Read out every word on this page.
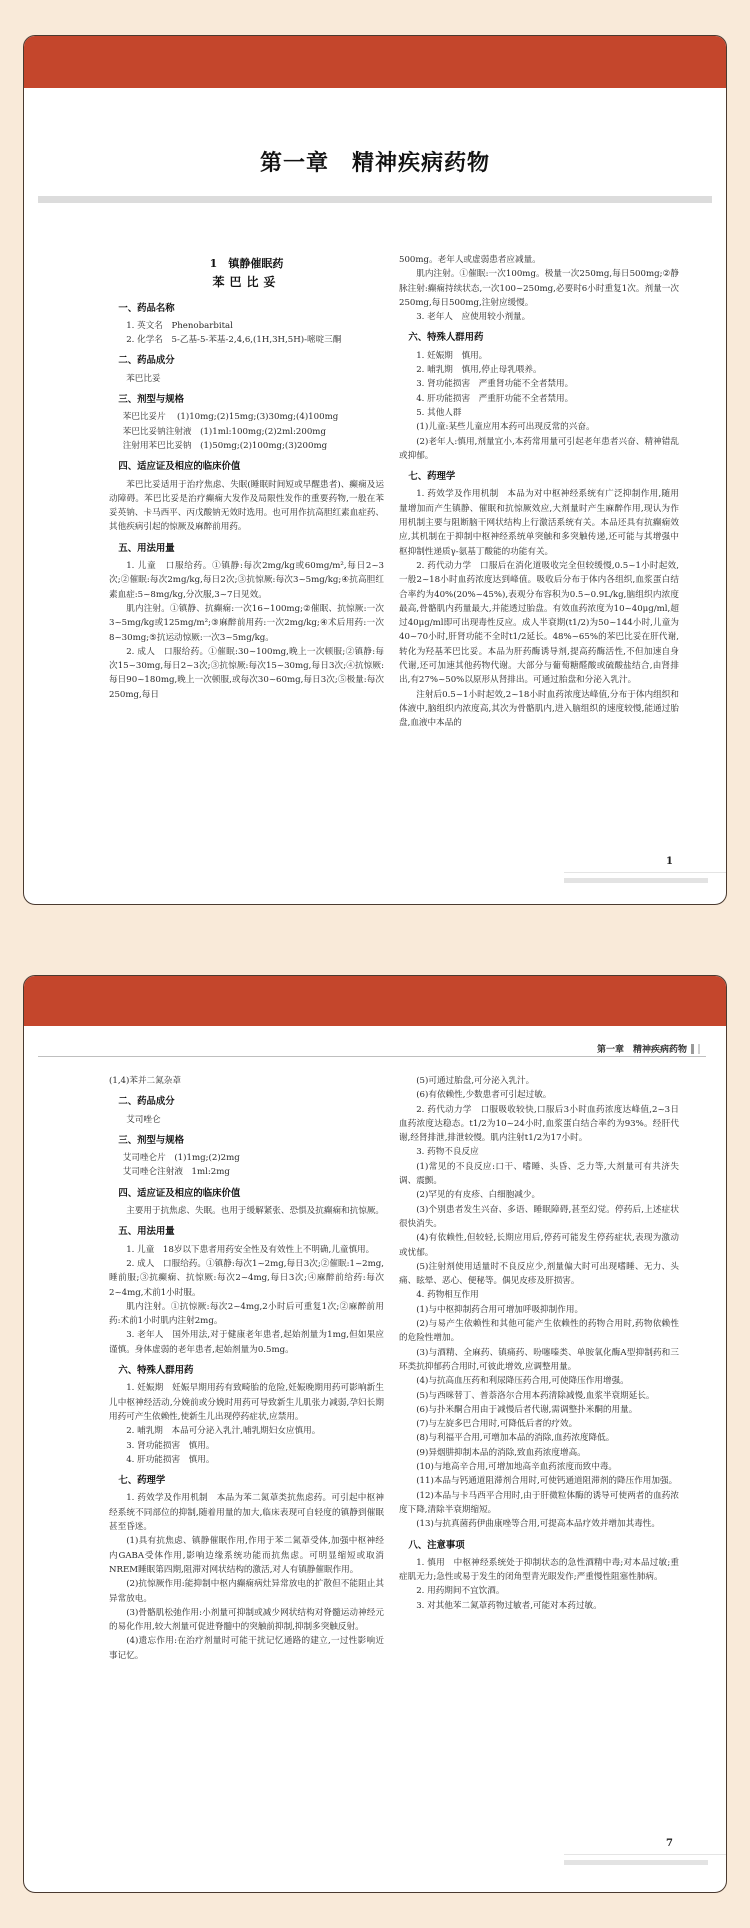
第一章　精神疾病药物
1　镇静催眠药
苯巴比妥
一、药品名称

1. 英文名　Phenobarbital

2. 化学名　5-乙基-5-苯基-2,4,6,(1H,3H,5H)-嘧啶三酮

二、药品成分

苯巴比妥

三、剂型与规格

苯巴比妥片　 (1)10mg;(2)15mg;(3)30mg;(4)100mg

苯巴比妥钠注射液　(1)1ml:100mg;(2)2ml:200mg

注射用苯巴比妥钠　(1)50mg;(2)100mg;(3)200mg

四、适应证及相应的临床价值

苯巴比妥适用于治疗焦虑、失眠(睡眠时间短或早醒患者)、癫痫及运动障碍。苯巴比妥是治疗癫痫大发作及局限性发作的重要药物,一般在苯妥英钠、卡马西平、丙戊酸钠无效时选用。也可用作抗高胆红素血症药、其他疾病引起的惊厥及麻醉前用药。

五、用法用量

1. 儿童　口服给药。①镇静:每次2mg/kg或60mg/m²,每日2~3次;②催眠:每次2mg/kg,每日2次;③抗惊厥:每次3~5mg/kg;④抗高胆红素血症:5~8mg/kg,分次服,3~7日见效。

肌内注射。①镇静、抗癫痫:一次16~100mg;②催眠、抗惊厥:一次3~5mg/kg或125mg/m²;③麻醉前用药:一次2mg/kg;④术后用药:一次8~30mg;⑤抗运动惊厥:一次3~5mg/kg。

2. 成人　口服给药。①催眠:30~100mg,晚上一次顿服;②镇静:每次15~30mg,每日2~3次;③抗惊厥:每次15~30mg,每日3次;④抗惊厥:每日90~180mg,晚上一次顿服,或每次30~60mg,每日3次;⑤极量:每次250mg,每日

500mg。老年人或虚弱患者应减量。

肌内注射。①催眠:一次100mg。极量一次250mg,每日500mg;②静脉注射:癫痫持续状态,一次100~250mg,必要时6小时重复1次。剂量一次250mg,每日500mg,注射应缓慢。

3. 老年人　应使用较小剂量。

六、特殊人群用药

1. 妊娠期　慎用。

2. 哺乳期　慎用,停止母乳喂养。

3. 肾功能损害　严重肾功能不全者禁用。

4. 肝功能损害　严重肝功能不全者禁用。

5. 其他人群

(1)儿童:某些儿童应用本药可出现反常的兴奋。

(2)老年人:慎用,剂量宜小,本药常用量可引起老年患者兴奋、精神错乱或抑郁。

七、药理学

1. 药效学及作用机制　本品为对中枢神经系统有广泛抑制作用,随用量增加而产生镇静、催眠和抗惊厥效应,大剂量时产生麻醉作用,现认为作用机制主要与阻断脑干网状结构上行激活系统有关。本品还具有抗癫痫效应,其机制在于抑制中枢神经系统单突触和多突触传递,还可能与其增强中枢抑制性递质γ-氨基丁酸能的功能有关。

2. 药代动力学　口服后在消化道吸收完全但较缓慢,0.5~1小时起效,一般2~18小时血药浓度达到峰值。吸收后分布于体内各组织,血浆蛋白结合率约为40%(20%~45%),表观分布容积为0.5~0.9L/kg,脑组织内浓度最高,骨骼肌内药量最大,并能透过胎盘。有效血药浓度为10~40μg/ml,超过40μg/ml即可出现毒性反应。成人半衰期(t1/2)为50~144小时,儿童为40~70小时,肝肾功能不全时t1/2延长。48%~65%的苯巴比妥在肝代谢,转化为羟基苯巴比妥。本品为肝药酶诱导剂,提高药酶活性,不但加速自身代谢,还可加速其他药物代谢。大部分与葡萄糖醛酸或硫酸盐结合,由肾排出,有27%~50%以原形从肾排出。可通过胎盘和分泌入乳汁。

注射后0.5~1小时起效,2~18小时血药浓度达峰值,分布于体内组织和体液中,脑组织内浓度高,其次为骨骼肌内,进入脑组织的速度较慢,能通过胎盘,血液中本品的

1
第一章　精神疾病药物

(1,4)苯并二氮杂䓬

二、药品成分

艾司唑仑

三、剂型与规格

艾司唑仑片　(1)1mg;(2)2mg

艾司唑仑注射液　1ml:2mg

四、适应证及相应的临床价值

主要用于抗焦虑、失眠。也用于缓解紧张、恐惧及抗癫痫和抗惊厥。

五、用法用量

1. 儿童　18岁以下患者用药安全性及有效性上不明确,儿童慎用。

2. 成人　口服给药。①镇静:每次1~2mg,每日3次;②催眠:1~2mg,睡前服;③抗癫痫、抗惊厥:每次2~4mg,每日3次;④麻醉前给药:每次2~4mg,术前1小时服。

肌内注射。①抗惊厥:每次2~4mg,2小时后可重复1次;②麻醉前用药:术前1小时肌内注射2mg。

3. 老年人　国外用法,对于健康老年患者,起始剂量为1mg,但如果应谨慎。身体虚弱的老年患者,起始剂量为0.5mg。

六、特殊人群用药

1. 妊娠期　妊娠早期用药有致畸胎的危险,妊娠晚期用药可影响新生儿中枢神经活动,分娩前或分娩时用药可导致新生儿肌张力减弱,孕妇长期用药可产生依赖性,使新生儿出现停药症状,应禁用。

2. 哺乳期　本品可分泌入乳汁,哺乳期妇女应慎用。

3. 肾功能损害　慎用。

4. 肝功能损害　慎用。

七、药理学

1. 药效学及作用机制　本品为苯二氮䓬类抗焦虑药。可引起中枢神经系统不同部位的抑制,随着用量的加大,临床表现可自轻度的镇静到催眠甚至昏迷。

(1)具有抗焦虑、镇静催眠作用,作用于苯二氮䓬受体,加强中枢神经内GABA受体作用,影响边缘系统功能而抗焦虑。可明显缩短或取消NREM睡眠第四期,阻滞对网状结构的激活,对人有镇静催眠作用。

(2)抗惊厥作用:能抑制中枢内癫痫病灶异常放电的扩散但不能阻止其异常放电。

(3)骨骼肌松弛作用:小剂量可抑制或减少网状结构对脊髓运动神经元的易化作用,较大剂量可促进脊髓中的突触前抑制,抑制多突触反射。

(4)遗忘作用:在治疗剂量时可能干扰记忆通路的建立,一过性影响近事记忆。

(5)可通过胎盘,可分泌入乳汁。

(6)有依赖性,少数患者可引起过敏。

2. 药代动力学　口服吸收较快,口服后3小时血药浓度达峰值,2~3日血药浓度达稳态。t1/2为10~24小时,血浆蛋白结合率约为93%。经肝代谢,经肾排泄,排泄较慢。肌内注射t1/2为17小时。

3. 药物不良反应

(1)常见的不良反应:口干、嗜睡、头昏、乏力等,大剂量可有共济失调、震颤。

(2)罕见的有皮疹、白细胞减少。

(3)个别患者发生兴奋、多语、睡眠障碍,甚至幻觉。停药后,上述症状很快消失。

(4)有依赖性,但较轻,长期应用后,停药可能发生停药症状,表现为激动或忧郁。

(5)注射剂使用适量时不良反应少,剂量偏大时可出现嗜睡、无力、头痛、眩晕、恶心、便秘等。偶见皮疹及肝损害。

4. 药物相互作用

(1)与中枢抑制药合用可增加呼吸抑制作用。

(2)与易产生依赖性和其他可能产生依赖性的药物合用时,药物依赖性的危险性增加。

(3)与酒精、全麻药、镇痛药、吩噻嗪类、单胺氧化酶A型抑制药和三环类抗抑郁药合用时,可彼此增效,应调整用量。

(4)与抗高血压药和利尿降压药合用,可使降压作用增强。

(5)与西咪替丁、普萘洛尔合用本药清除减慢,血浆半衰期延长。

(6)与扑米酮合用由于减慢后者代谢,需调整扑米酮的用量。

(7)与左旋多巴合用时,可降低后者的疗效。

(8)与利福平合用,可增加本品的消除,血药浓度降低。

(9)异烟肼抑制本品的消除,致血药浓度增高。

(10)与地高辛合用,可增加地高辛血药浓度而致中毒。

(11)本品与钙通道阻滞剂合用时,可使钙通道阻滞剂的降压作用加强。

(12)本品与卡马西平合用时,由于肝微粒体酶的诱导可使两者的血药浓度下降,清除半衰期缩短。

(13)与抗真菌药伊曲康唑等合用,可提高本品疗效并增加其毒性。

八、注意事项

1. 慎用　中枢神经系统处于抑制状态的急性酒精中毒;对本品过敏;重症肌无力;急性或易于发生的闭角型青光眼发作;严重慢性阻塞性肺病。

2. 用药期间不宜饮酒。

3. 对其他苯二氮䓬药物过敏者,可能对本药过敏。

7
